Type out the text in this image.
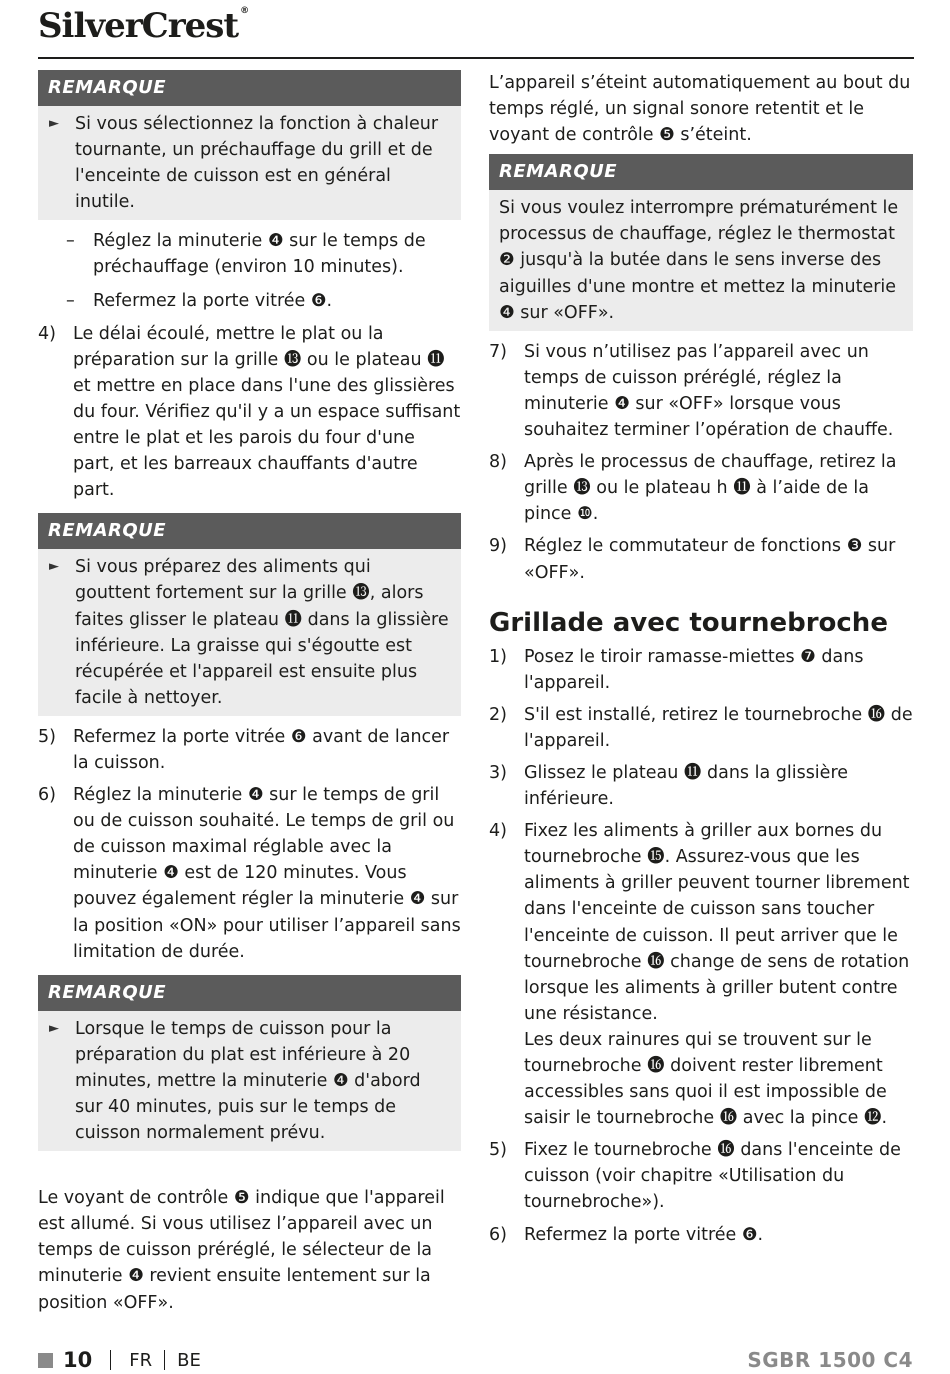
SilverCrest ®
REMARQUE
► Si vous sélectionnez la fonction à chaleur tournante, un préchauffage du grill et de l'enceinte de cuisson est en général inutile.
– Réglez la minuterie ❹ sur le temps de préchauffage (environ 10 minutes).
– Refermez la porte vitrée ❻.
4) Le délai écoulé, mettre le plat ou la préparation sur la grille ⓭ ou le plateau ⓫ et mettre en place dans l'une des glissières du four. Vérifiez qu'il y a un espace suffisant entre le plat et les parois du four d'une part, et les barreaux chauffants d'autre part.
REMARQUE
► Si vous préparez des aliments qui gouttent fortement sur la grille ⓭, alors faites glisser le plateau ⓫ dans la glissière inférieure. La graisse qui s'égoutte est récupérée et l'appareil est ensuite plus facile à nettoyer.
5) Refermez la porte vitrée ❻ avant de lancer la cuisson.
6) Réglez la minuterie ❹ sur le temps de gril ou de cuisson souhaité. Le temps de gril ou de cuisson maximal réglable avec la minuterie ❹ est de 120 minutes. Vous pouvez également régler la minuterie ❹ sur la position «ON» pour utiliser l’appareil sans limitation de durée.
REMARQUE
► Lorsque le temps de cuisson pour la préparation du plat est inférieure à 20 minutes, mettre la minuterie ❹ d'abord sur 40 minutes, puis sur le temps de cuisson normalement prévu.
Le voyant de contrôle ❺ indique que l'appareil est allumé. Si vous utilisez l’appareil avec un temps de cuisson préréglé, le sélecteur de la minuterie ❹ revient ensuite lentement sur la position «OFF».
L’appareil s’éteint automatiquement au bout du temps réglé, un signal sonore retentit et le voyant de contrôle ❺ s’éteint.
REMARQUE
Si vous voulez interrompre prématurément le processus de chauffage, réglez le thermostat ❷ jusqu'à la butée dans le sens inverse des aiguilles d'une montre et mettez la minuterie ❹ sur «OFF».
7) Si vous n’utilisez pas l’appareil avec un temps de cuisson préréglé, réglez la minuterie ❹ sur «OFF» lorsque vous souhaitez terminer l’opération de chauffe.
8) Après le processus de chauffage, retirez la grille ⓭ ou le plateau h ⓫ à l’aide de la pince ❿.
9) Réglez le commutateur de fonctions ❸ sur «OFF».
Grillade avec tournebroche
1) Posez le tiroir ramasse-miettes ❼ dans l'appareil.
2) S'il est installé, retirez le tournebroche ⓰ de l'appareil.
3) Glissez le plateau ⓫ dans la glissière inférieure.
4) Fixez les aliments à griller aux bornes du tournebroche ⓯. Assurez-vous que les aliments à griller peuvent tourner librement dans l'enceinte de cuisson sans toucher l'enceinte de cuisson. Il peut arriver que le tournebroche ⓰ change de sens de rotation lorsque les aliments à griller butent contre une résistance.
Les deux rainures qui se trouvent sur le tournebroche ⓰ doivent rester librement accessibles sans quoi il est impossible de saisir le tournebroche ⓰ avec la pince ⓬.
5) Fixez le tournebroche ⓰ dans l'enceinte de cuisson (voir chapitre «Utilisation du tournebroche»).
6) Refermez la porte vitrée ❻.
10 FR BE	SGBR 1500 C4
